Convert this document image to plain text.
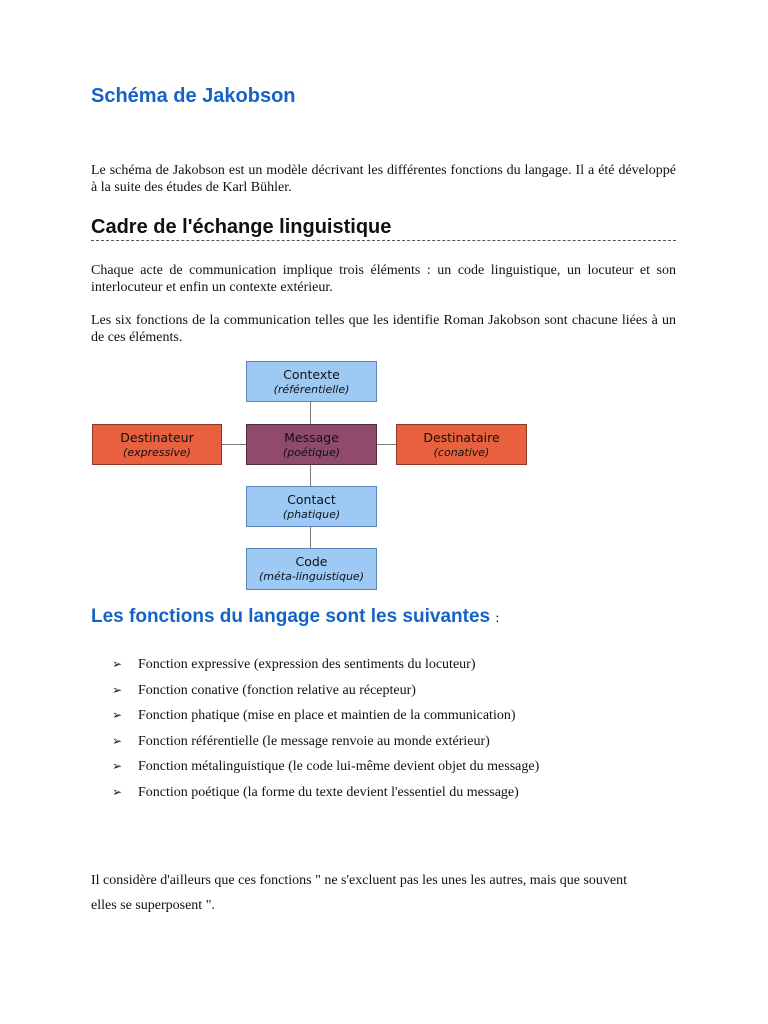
Schéma de Jakobson
Le schéma de Jakobson est un modèle décrivant les différentes fonctions du langage. Il a été développé à la suite des études de Karl Bühler.
Cadre de l'échange linguistique
Chaque acte de communication implique trois éléments : un code linguistique, un locuteur et son interlocuteur et enfin un contexte extérieur.
Les six fonctions de la communication telles que les identifie Roman Jakobson sont chacune liées à un de ces éléments.
Contexte
(référentielle)
Destinateur
(expressive)
Message
(poétique)
Destinataire
(conative)
Contact
(phatique)
Code
(méta-linguistique)
Les fonctions du langage sont les suivantes :
➢ Fonction expressive (expression des sentiments du locuteur)
➢ Fonction conative (fonction relative au récepteur)
➢ Fonction phatique (mise en place et maintien de la communication)
➢ Fonction référentielle (le message renvoie au monde extérieur)
➢ Fonction métalinguistique (le code lui-même devient objet du message)
➢ Fonction poétique (la forme du texte devient l'essentiel du message)
Il considère d'ailleurs que ces fonctions " ne s'excluent pas les unes les autres, mais que souvent elles se superposent ".
